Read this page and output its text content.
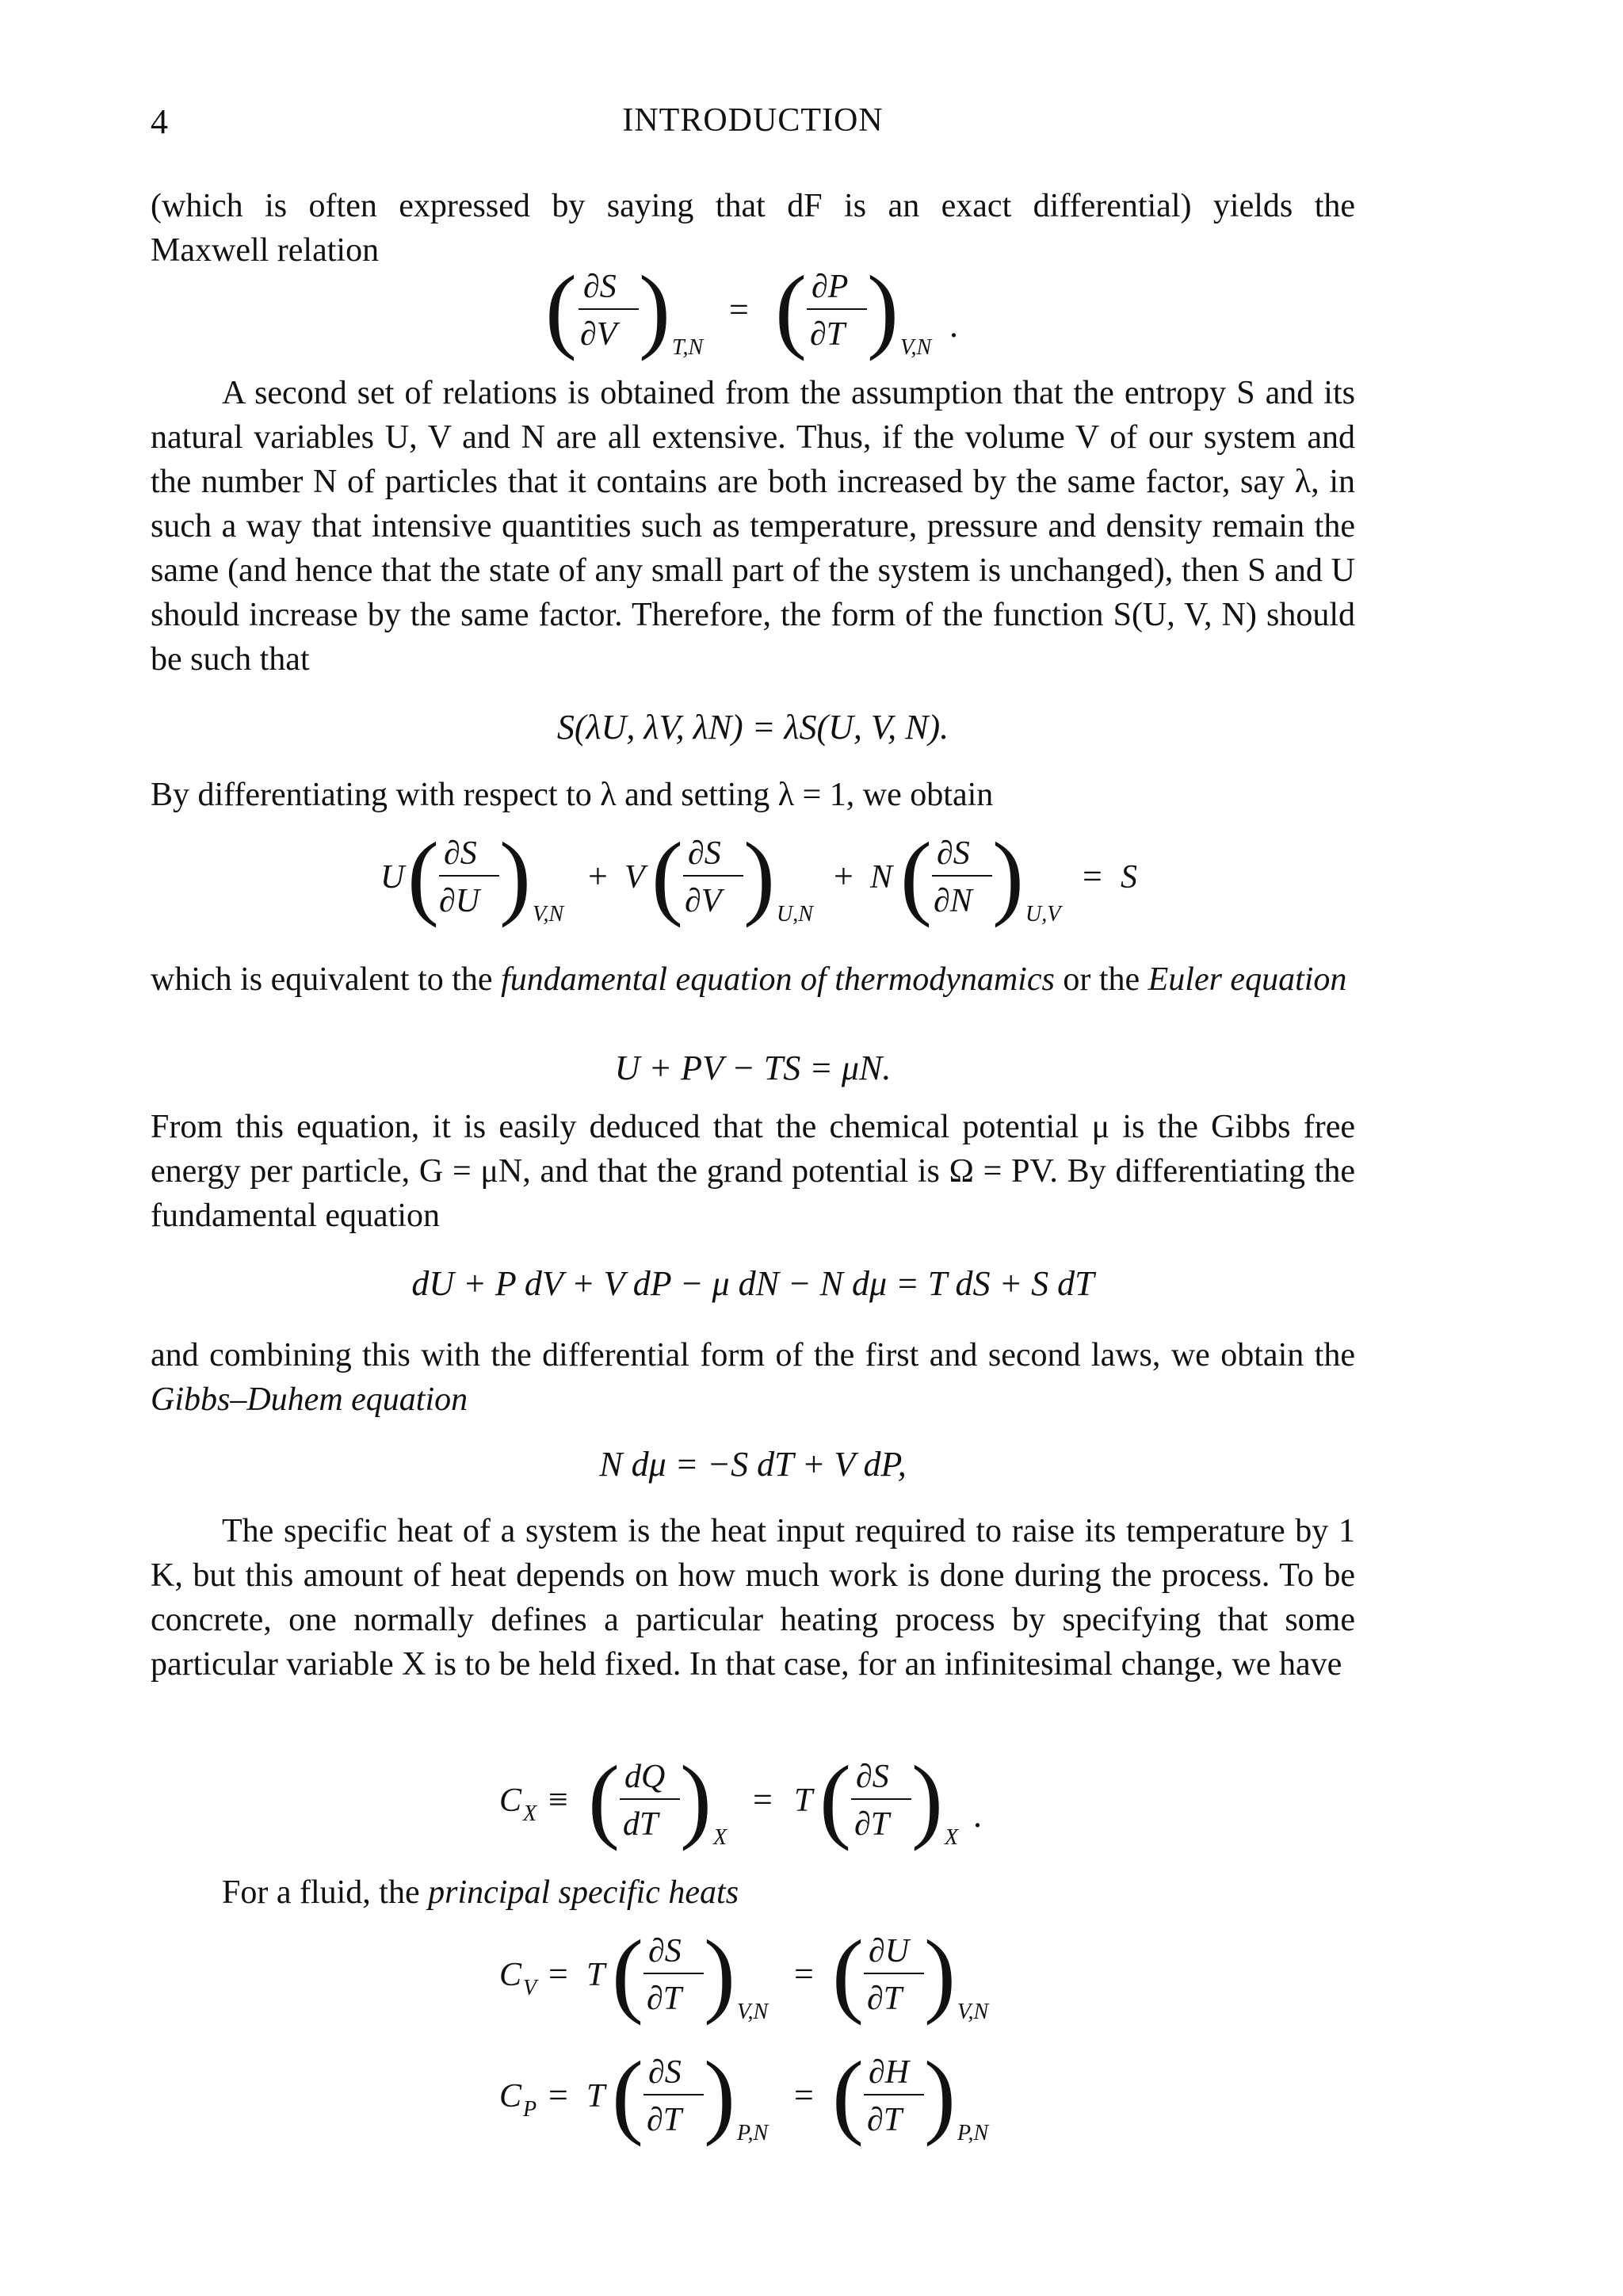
4	INTRODUCTION
(which is often expressed by saying that dF is an exact differential) yields the
Maxwell relation
( ∂S
∂V ) T,N
= ( ∂P
∂T ) V,N
.
A second set of relations is obtained from the assumption that the entropy S and its natural variables U, V and N are all extensive. Thus, if the volume V of our system and the number N of particles that it contains are both increased by the same factor, say λ, in such a way that intensive quantities such as temperature, pressure and density remain the same (and hence that the state of any small part of the system is unchanged), then S and U should increase by the same factor. Therefore, the form of the function S(U, V, N) should be such that
S(λU, λV, λN) = λS(U, V, N).
By differentiating with respect to λ and setting λ = 1, we obtain
U ( ∂S
∂U ) V,N
+ V ( ∂S
∂V ) U,N
+ N ( ∂S
∂N ) U,V
= S
which is equivalent to the fundamental equation of thermodynamics or the Euler equation
U + PV − TS = μN.
From this equation, it is easily deduced that the chemical potential μ is the Gibbs free energy per particle, G = μN, and that the grand potential is Ω = PV. By differentiating the fundamental equation
dU + P dV + V dP − μ dN − N dμ = T dS + S dT
and combining this with the differential form of the first and second laws, we obtain the Gibbs–Duhem equation
N dμ = −S dT + V dP,
The specific heat of a system is the heat input required to raise its temperature by 1 K, but this amount of heat depends on how much work is done during the process. To be concrete, one normally defines a particular heating process by specifying that some particular variable X is to be held fixed. In that case, for an infinitesimal change, we have
C X ≡ ( dQ
dT ) X
= T ( ∂S
∂T ) X
.
For a fluid, the principal specific heats
C V = T ( ∂S
∂T ) V,N
= ( ∂U
∂T ) V,N
C P = T ( ∂S
∂T ) P,N
= ( ∂H
∂T ) P,N
